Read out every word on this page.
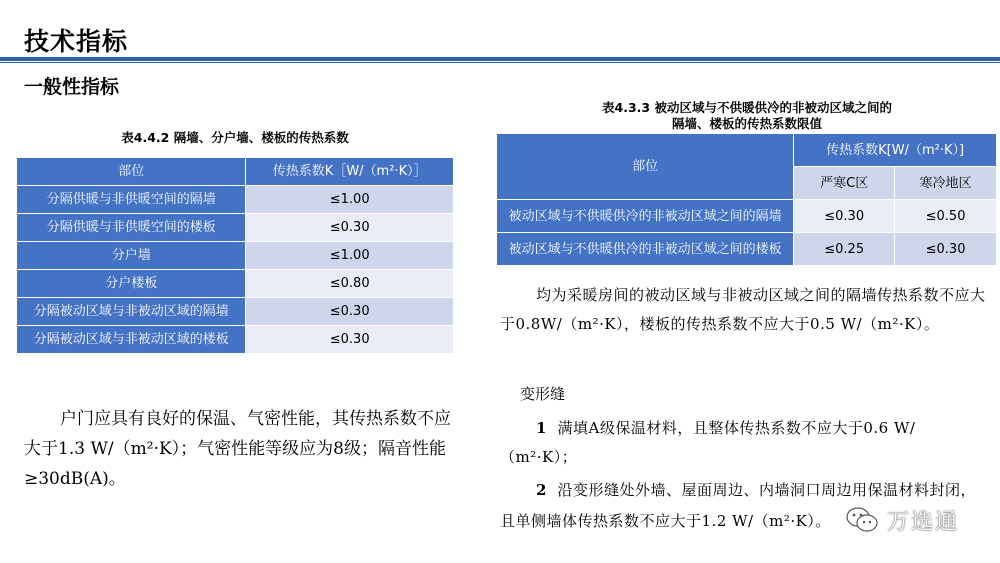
技术指标
一般性指标
表4.4.2 隔墙、分户墙、楼板的传热系数
部位	传热系数K［W/（m²·K）］
分隔供暖与非供暖空间的隔墙	≤1.00
分隔供暖与非供暖空间的楼板	≤0.30
分户墙	≤1.00
分户楼板	≤0.80
分隔被动区域与非被动区域的隔墙	≤0.30
分隔被动区域与非被动区域的楼板	≤0.30
表4.3.3 被动区域与不供暖供冷的非被动区域之间的
隔墙、楼板的传热系数限值
部位	传热系数K[W/（m²·K）]	
	严寒C区	寒冷地区
被动区域与不供暖供冷的非被动区域之间的隔墙	≤0.30	≤0.50
被动区域与不供暖供冷的非被动区域之间的楼板	≤0.25	≤0.30
均为采暖房间的被动区域与非被动区域之间的隔墙传热系数不应大于0.8W/（m²·K），楼板的传热系数不应大于0.5 W/（m²·K）。
变形缝
1 满填A级保温材料，且整体传热系数不应大于0.6 W/（m²·K）；
2 沿变形缝处外墙、屋面周边、内墙洞口周边用保温材料封闭，且单侧墙体传热系数不应大于1.2 W/（m²·K）。
户门应具有良好的保温、气密性能，其传热系数不应大于1.3 W/（m²·K）；气密性能等级应为8级；隔音性能≥30dB(A)。
万选通
